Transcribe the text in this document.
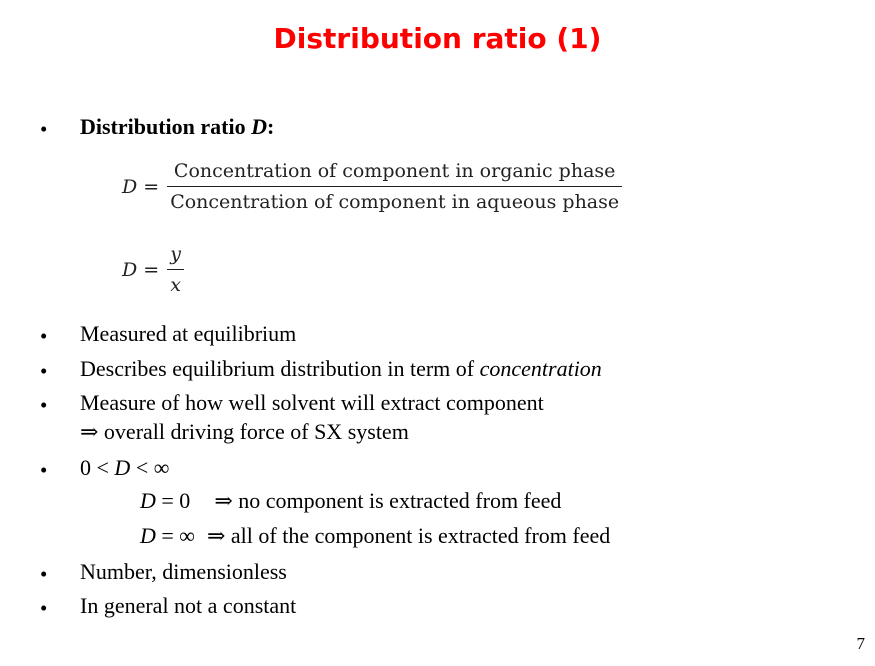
Distribution ratio (1)
• Distribution ratio D:
$D = \frac{\text{Concentration of component in organic phase}}{\text{Concentration of component in aqueous phase}}$
$D = \frac{y}{x}$
• Measured at equilibrium
• Describes equilibrium distribution in term of concentration
• Measure of how well solvent will extract component
⇒ overall driving force of SX system
• 0 < D < ∞
D = 0 ⇒ no component is extracted from feed
D = ∞ ⇒ all of the component is extracted from feed
• Number, dimensionless
• In general not a constant
7
